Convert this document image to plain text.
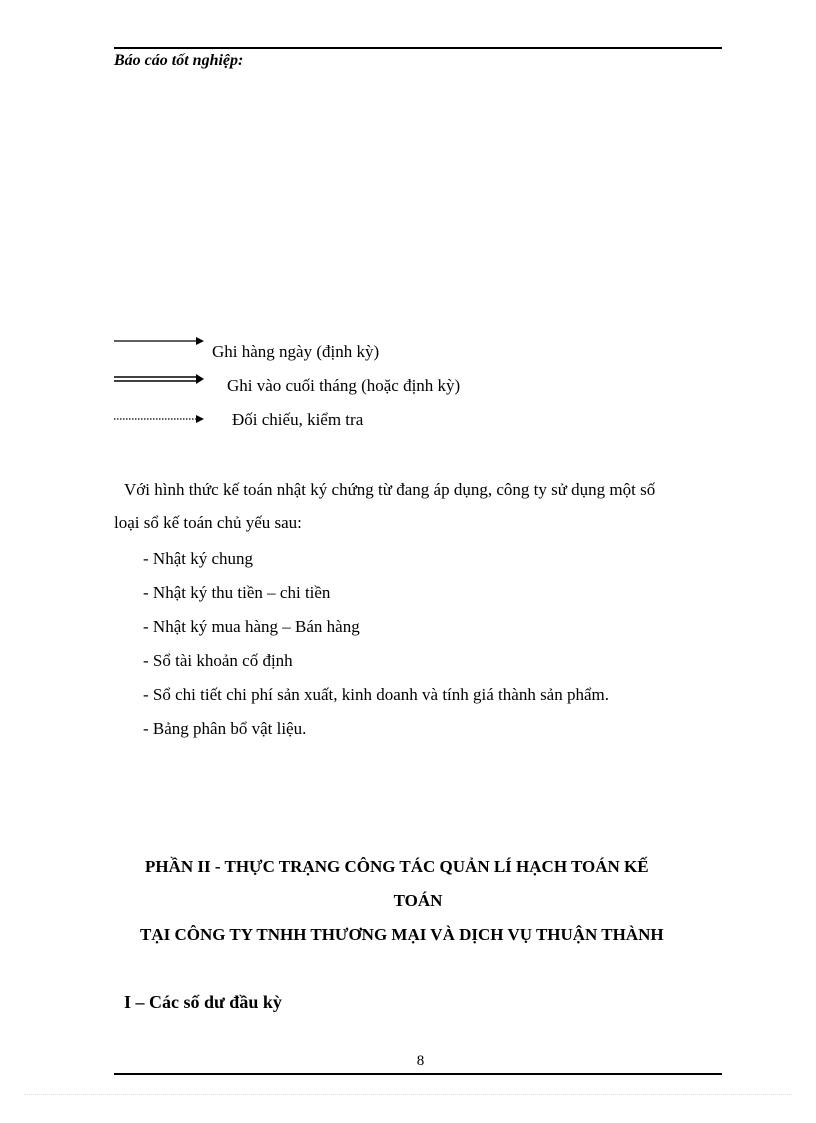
Báo cáo tốt nghiệp:
Ghi hàng ngày (định kỳ)
Ghi vào cuối tháng (hoặc định kỳ)
Đối chiếu, kiểm tra
Với hình thức kế toán nhật ký chứng từ đang áp dụng, công ty sử dụng một số
loại sổ kế toán chủ yếu sau:
- Nhật ký chung
- Nhật ký thu tiền – chi tiền
- Nhật ký mua hàng – Bán hàng
- Sổ tài khoản cố định
- Sổ chi tiết chi phí sản xuất, kinh doanh và tính giá thành sản phẩm.
- Bảng phân bổ vật liệu.
PHẦN II - THỰC TRẠNG CÔNG TÁC QUẢN LÍ HẠCH TOÁN KẾ
TOÁN
TẠI CÔNG TY TNHH THƯƠNG MẠI VÀ DỊCH VỤ THUẬN THÀNH
I – Các số dư đầu kỳ
8
